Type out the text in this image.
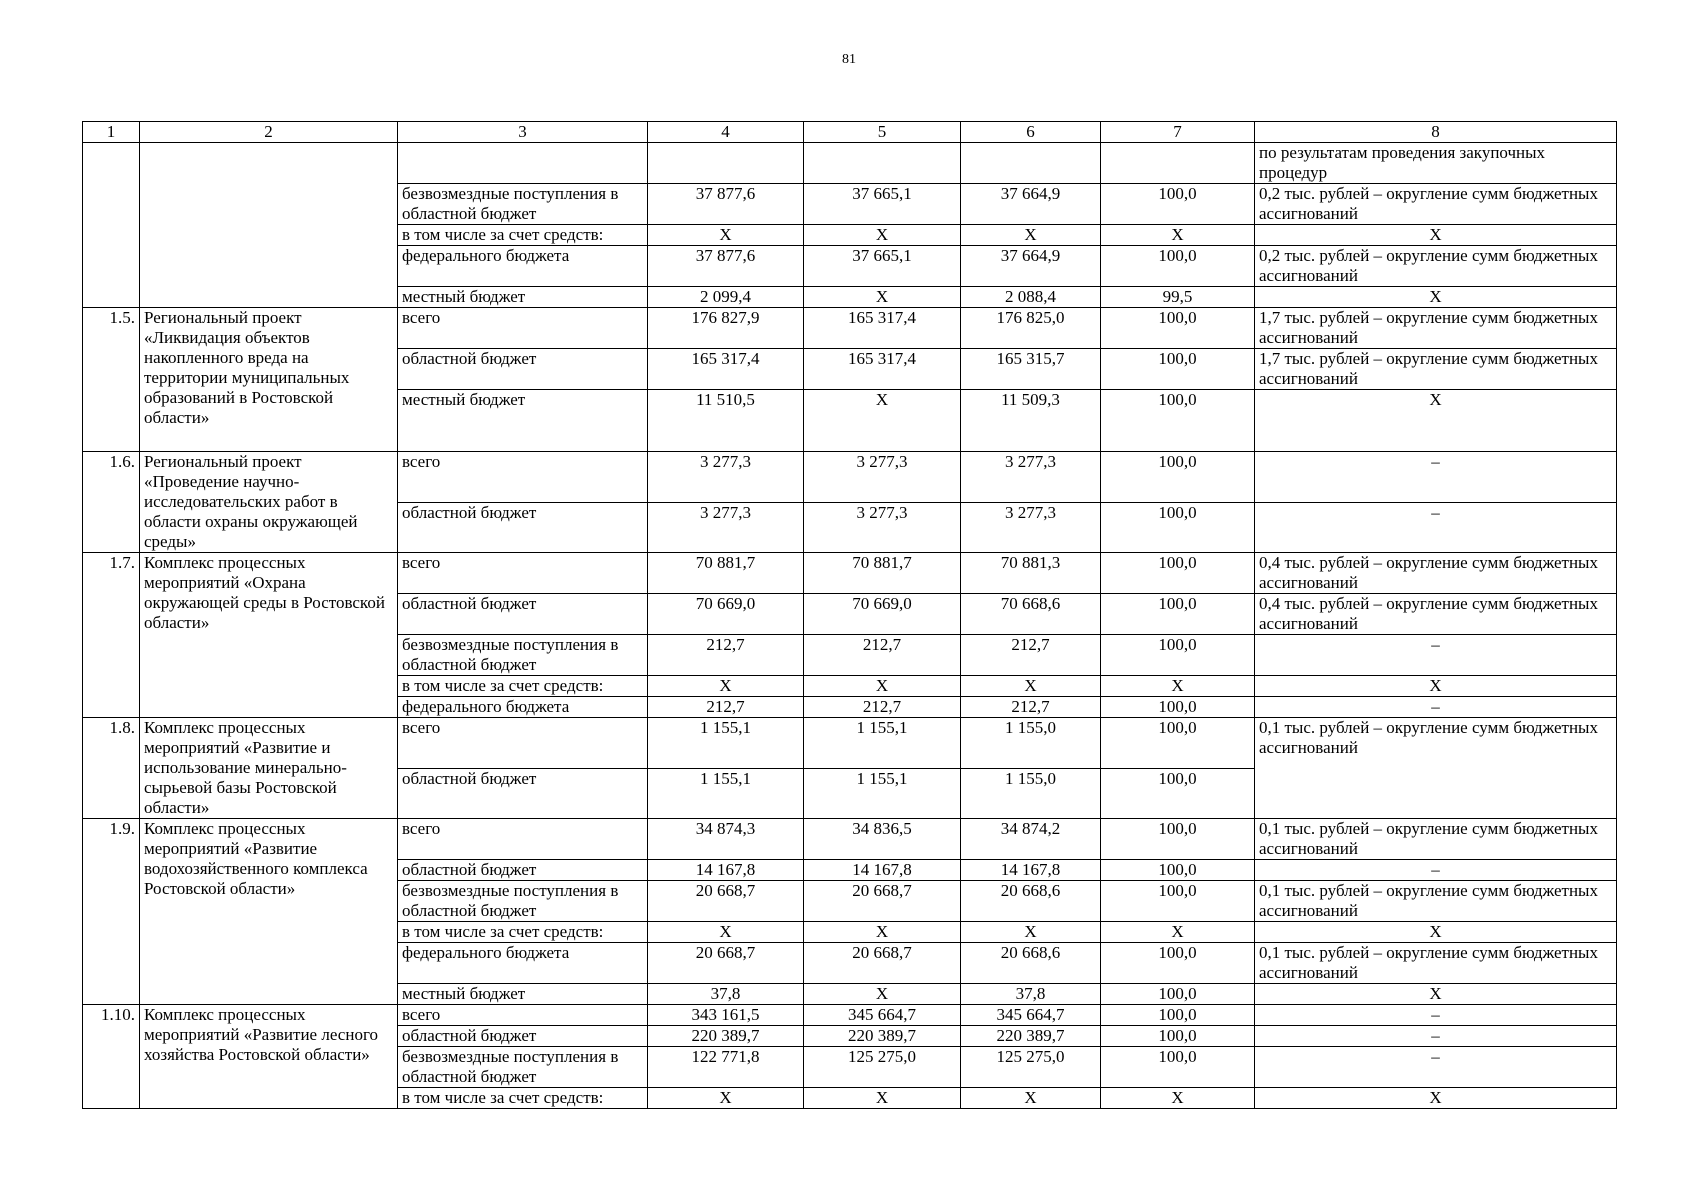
81
1	2	3	4	5	6	7	8
							по результатам проведения закупочных процедур
		безвозмездные поступления в областной бюджет	37 877,6	37 665,1	37 664,9	100,0	0,2 тыс. рублей – округление сумм бюджетных ассигнований
		в том числе за счет средств:	Х	Х	Х	Х	Х
		федерального бюджета	37 877,6	37 665,1	37 664,9	100,0	0,2 тыс. рублей – округление сумм бюджетных ассигнований
		местный бюджет	2 099,4	Х	2 088,4	99,5	Х
1.5.	Региональный проект «Ликвидация объектов накопленного вреда на территории муниципальных образований в Ростовской области»	всего	176 827,9	165 317,4	176 825,0	100,0	1,7 тыс. рублей – округление сумм бюджетных ассигнований
		областной бюджет	165 317,4	165 317,4	165 315,7	100,0	1,7 тыс. рублей – округление сумм бюджетных ассигнований
		местный бюджет	11 510,5	Х	11 509,3	100,0	Х
1.6.	Региональный проект «Проведение научно-исследовательских работ в области охраны окружающей среды»	всего	3 277,3	3 277,3	3 277,3	100,0	–
		областной бюджет	3 277,3	3 277,3	3 277,3	100,0	–
1.7.	Комплекс процессных мероприятий «Охрана окружающей среды в Ростовской области»	всего	70 881,7	70 881,7	70 881,3	100,0	0,4 тыс. рублей – округление сумм бюджетных ассигнований
		областной бюджет	70 669,0	70 669,0	70 668,6	100,0	0,4 тыс. рублей – округление сумм бюджетных ассигнований
		безвозмездные поступления в областной бюджет	212,7	212,7	212,7	100,0	–
		в том числе за счет средств:	Х	Х	Х	Х	Х
		федерального бюджета	212,7	212,7	212,7	100,0	–
1.8.	Комплекс процессных мероприятий «Развитие и использование минерально-сырьевой базы Ростовской области»	всего	1 155,1	1 155,1	1 155,0	100,0	0,1 тыс. рублей – округление сумм бюджетных ассигнований
		областной бюджет	1 155,1	1 155,1	1 155,0	100,0	
1.9.	Комплекс процессных мероприятий «Развитие водохозяйственного комплекса Ростовской области»	всего	34 874,3	34 836,5	34 874,2	100,0	0,1 тыс. рублей – округление сумм бюджетных ассигнований
		областной бюджет	14 167,8	14 167,8	14 167,8	100,0	–
		безвозмездные поступления в областной бюджет	20 668,7	20 668,7	20 668,6	100,0	0,1 тыс. рублей – округление сумм бюджетных ассигнований
		в том числе за счет средств:	Х	Х	Х	Х	Х
		федерального бюджета	20 668,7	20 668,7	20 668,6	100,0	0,1 тыс. рублей – округление сумм бюджетных ассигнований
		местный бюджет	37,8	Х	37,8	100,0	Х
1.10.	Комплекс процессных мероприятий «Развитие лесного хозяйства Ростовской области»	всего	343 161,5	345 664,7	345 664,7	100,0	–
		областной бюджет	220 389,7	220 389,7	220 389,7	100,0	–
		безвозмездные поступления в областной бюджет	122 771,8	125 275,0	125 275,0	100,0	–
		в том числе за счет средств:	Х	Х	Х	Х	Х
